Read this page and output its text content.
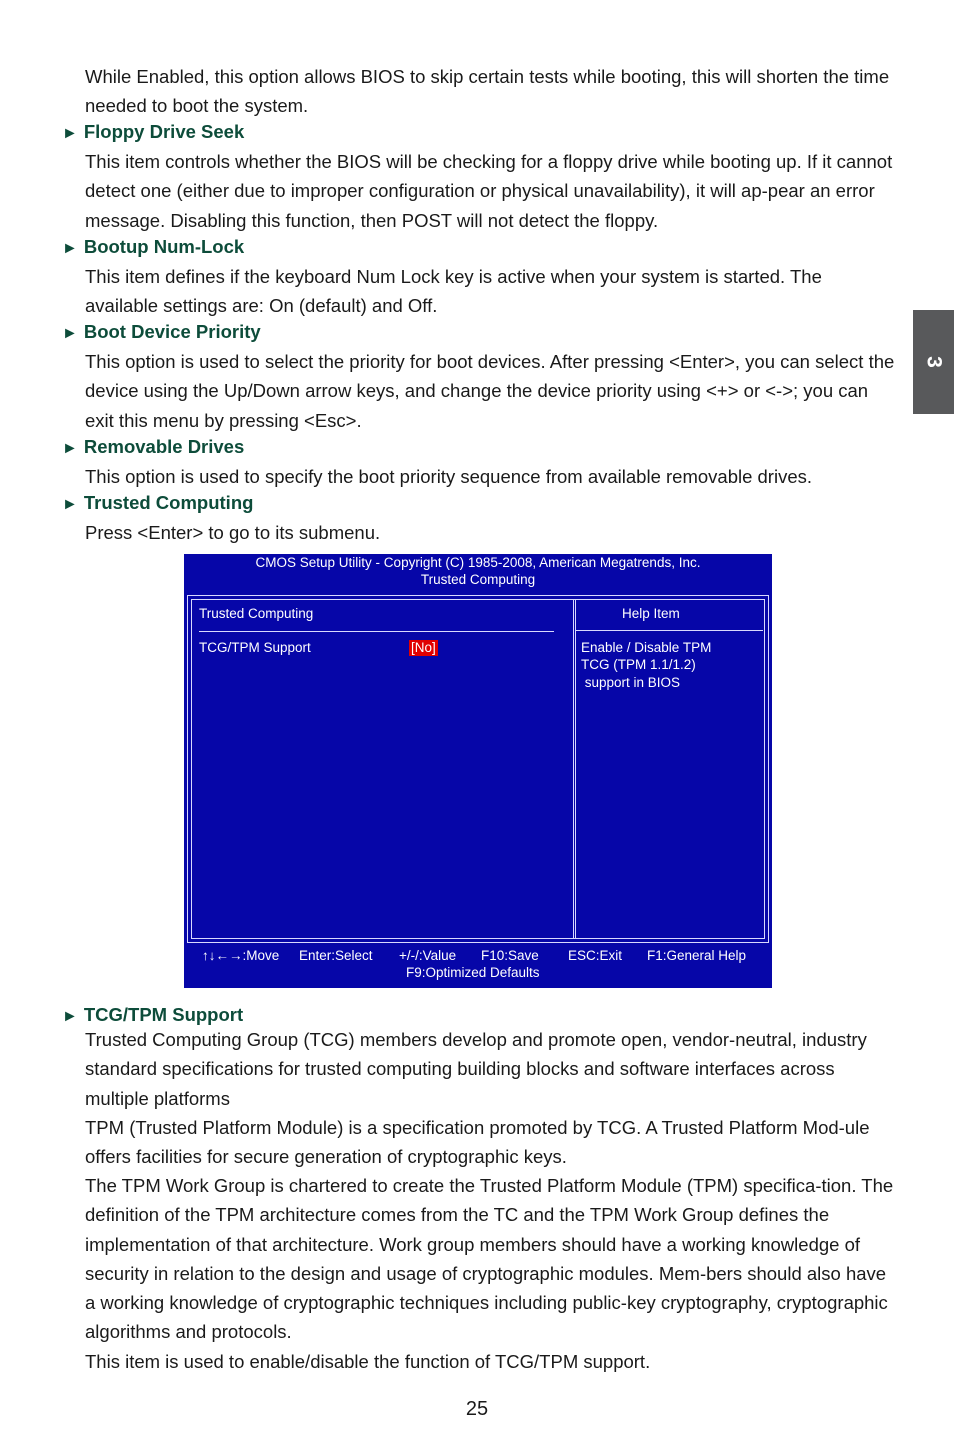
While Enabled, this option allows BIOS to skip certain tests while booting, this will shorten the time needed to boot the system.

► Floppy Drive Seek

This item controls whether the BIOS will be checking for a floppy drive while booting up. If it cannot detect one (either due to improper configuration or physical unavailability), it will ap-pear an error message. Disabling this function, then POST will not detect the floppy.

► Bootup Num-Lock

This item defines if the keyboard Num Lock key is active when your system is started. The available settings are: On (default) and Off.

► Boot Device Priority

This option is used to select the priority for boot devices. After pressing <Enter>, you can select the device using the Up/Down arrow keys, and change the device priority using <+> or <->; you can exit this menu by pressing <Esc>.

► Removable Drives

This option is used to specify the boot priority sequence from available removable drives.

► Trusted Computing

Press <Enter> to go to its submenu.

CMOS Setup Utility - Copyright (C) 1985-2008, American Megatrends, Inc.
Trusted Computing
Trusted Computing	Help Item
TCG/TPM Support	[No]	Enable / Disable TPM
TCG (TPM 1.1/1.2)
support in BIOS
↑↓←→:Move Enter:Select +/-/:Value F10:Save ESC:Exit F1:General Help
F9:Optimized Defaults
► TCG/TPM Support

Trusted Computing Group (TCG) members develop and promote open, vendor-neutral, industry standard specifications for trusted computing building blocks and software interfaces across multiple platforms

TPM (Trusted Platform Module) is a specification promoted by TCG. A Trusted Platform Mod-ule offers facilities for secure generation of cryptographic keys.

The TPM Work Group is chartered to create the Trusted Platform Module (TPM) specifica-tion. The definition of the TPM architecture comes from the TC and the TPM Work Group defines the implementation of that architecture. Work group members should have a working knowledge of security in relation to the design and usage of cryptographic modules. Mem-bers should also have a working knowledge of cryptographic techniques including public-key cryptography, cryptographic algorithms and protocols.

This item is used to enable/disable the function of TCG/TPM support.

3
25
